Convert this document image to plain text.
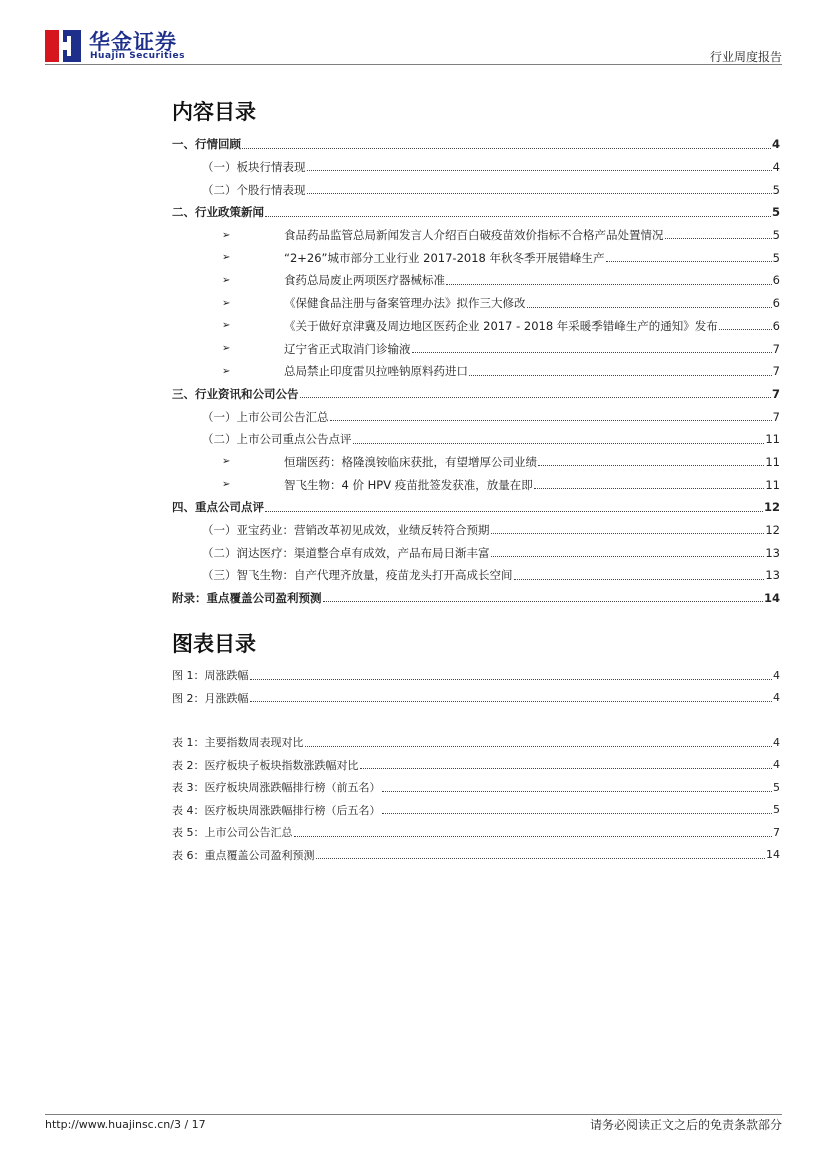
华金证券
Huajin Securities	行业周度报告
内容目录
一、行情回顾	4
（一）板块行情表现	4
（二）个股行情表现	5
二、行业政策新闻	5
➢	食品药品监管总局新闻发言人介绍百白破疫苗效价指标不合格产品处置情况	5
➢	“2+26”城市部分工业行业 2017-2018 年秋冬季开展错峰生产	5
➢	食药总局废止两项医疗器械标准	6
➢	《保健食品注册与备案管理办法》拟作三大修改	6
➢	《关于做好京津冀及周边地区医药企业 2017 - 2018 年采暖季错峰生产的通知》发布	6
➢	辽宁省正式取消门诊输液	7
➢	总局禁止印度雷贝拉唑钠原料药进口	7
三、行业资讯和公司公告	7
（一）上市公司公告汇总	7
（二）上市公司重点公告点评	11
➢	恒瑞医药：格隆溴铵临床获批，有望增厚公司业绩	11
➢	智飞生物：4 价 HPV 疫苗批签发获准，放量在即	11
四、重点公司点评	12
（一）亚宝药业：营销改革初见成效，业绩反转符合预期	12
（二）润达医疗：渠道整合卓有成效，产品布局日渐丰富	13
（三）智飞生物：自产代理齐放量，疫苗龙头打开高成长空间	13
附录：重点覆盖公司盈利预测	14
图表目录
图 1：周涨跌幅	4
图 2：月涨跌幅	4
表 1：主要指数周表现对比	4
表 2：医疗板块子板块指数涨跌幅对比	4
表 3：医疗板块周涨跌幅排行榜（前五名）	5
表 4：医疗板块周涨跌幅排行榜（后五名）	5
表 5：上市公司公告汇总	7
表 6：重点覆盖公司盈利预测	14
http://www.huajinsc.cn/3 / 17	请务必阅读正文之后的免责条款部分
